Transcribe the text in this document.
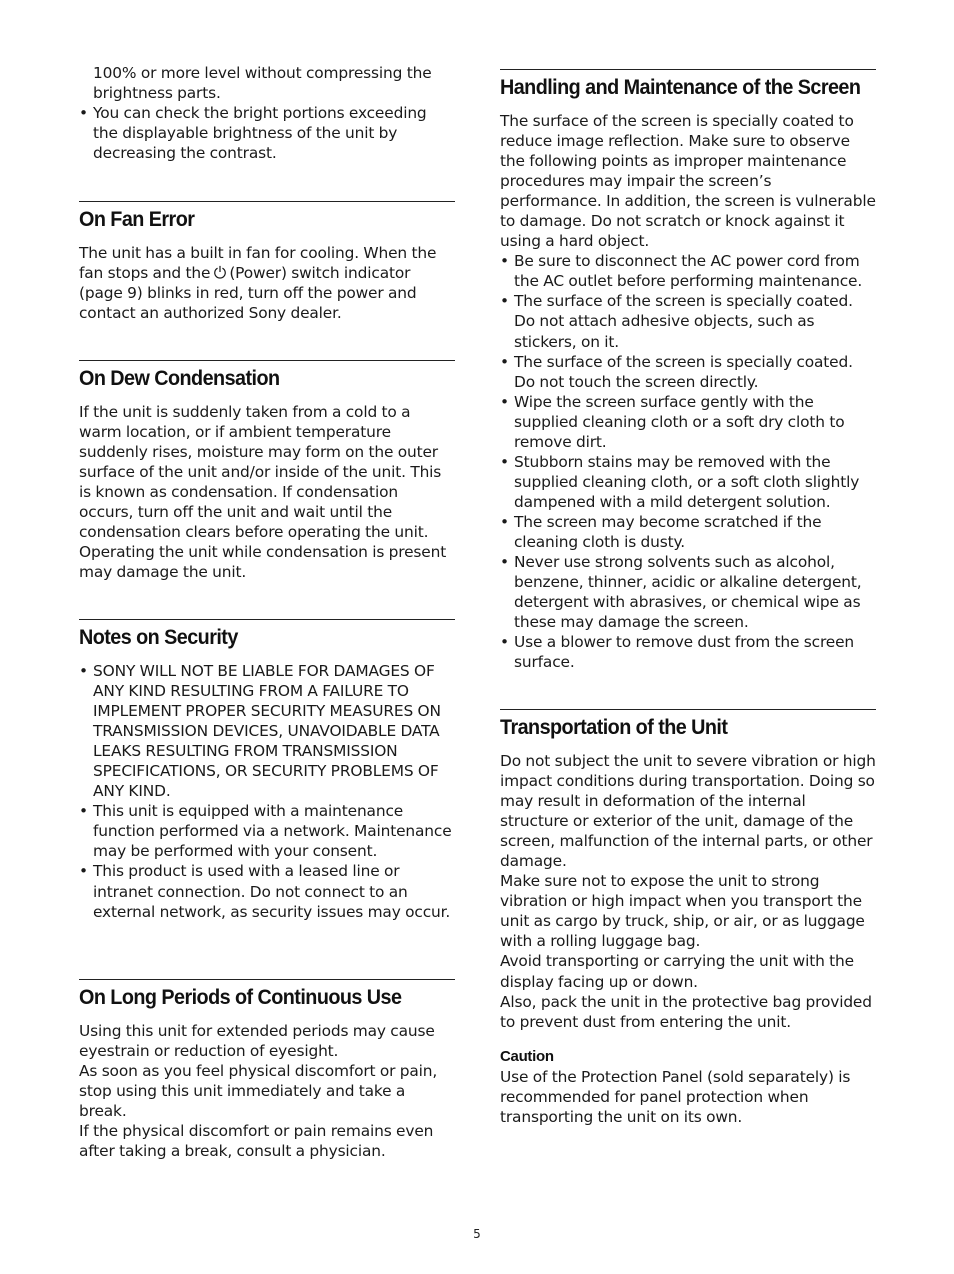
100% or more level without compressing the brightness parts.

• You can check the bright portions exceeding the displayable brightness of the unit by decreasing the contrast.
On Fan Error

The unit has a built in fan for cooling. When the fan stops and the (Power) switch indicator (page 9) blinks in red, turn off the power and contact an authorized Sony dealer.

On Dew Condensation

If the unit is suddenly taken from a cold to a warm location, or if ambient temperature suddenly rises, moisture may form on the outer surface of the unit and/or inside of the unit. This is known as condensation. If condensation occurs, turn off the unit and wait until the condensation clears before operating the unit. Operating the unit while condensation is present may damage the unit.

Notes on Security
• SONY WILL NOT BE LIABLE FOR DAMAGES OF ANY KIND RESULTING FROM A FAILURE TO IMPLEMENT PROPER SECURITY MEASURES ON TRANSMISSION DEVICES, UNAVOIDABLE DATA LEAKS RESULTING FROM TRANSMISSION SPECIFICATIONS, OR SECURITY PROBLEMS OF ANY KIND.
• This unit is equipped with a maintenance function performed via a network. Maintenance may be performed with your consent.
• This product is used with a leased line or intranet connection. Do not connect to an external network, as security issues may occur.
On Long Periods of Continuous Use

Using this unit for extended periods may cause eyestrain or reduction of eyesight.

As soon as you feel physical discomfort or pain, stop using this unit immediately and take a break.

If the physical discomfort or pain remains even after taking a break, consult a physician.

Handling and Maintenance of the Screen

The surface of the screen is specially coated to reduce image reflection. Make sure to observe the following points as improper maintenance procedures may impair the screen’s performance. In addition, the screen is vulnerable to damage. Do not scratch or knock against it using a hard object.

• Be sure to disconnect the AC power cord from the AC outlet before performing maintenance.
• The surface of the screen is specially coated. Do not attach adhesive objects, such as stickers, on it.
• The surface of the screen is specially coated. Do not touch the screen directly.
• Wipe the screen surface gently with the supplied cleaning cloth or a soft dry cloth to remove dirt.
• Stubborn stains may be removed with the supplied cleaning cloth, or a soft cloth slightly dampened with a mild detergent solution.
• The screen may become scratched if the cleaning cloth is dusty.
• Never use strong solvents such as alcohol, benzene, thinner, acidic or alkaline detergent, detergent with abrasives, or chemical wipe as these may damage the screen.
• Use a blower to remove dust from the screen surface.
Transportation of the Unit

Do not subject the unit to severe vibration or high impact conditions during transportation. Doing so may result in deformation of the internal structure or exterior of the unit, damage of the screen, malfunction of the internal parts, or other damage.

Make sure not to expose the unit to strong vibration or high impact when you transport the unit as cargo by truck, ship, or air, or as luggage with a rolling luggage bag.

Avoid transporting or carrying the unit with the display facing up or down.

Also, pack the unit in the protective bag provided to prevent dust from entering the unit.

Caution

Use of the Protection Panel (sold separately) is recommended for panel protection when transporting the unit on its own.

5
